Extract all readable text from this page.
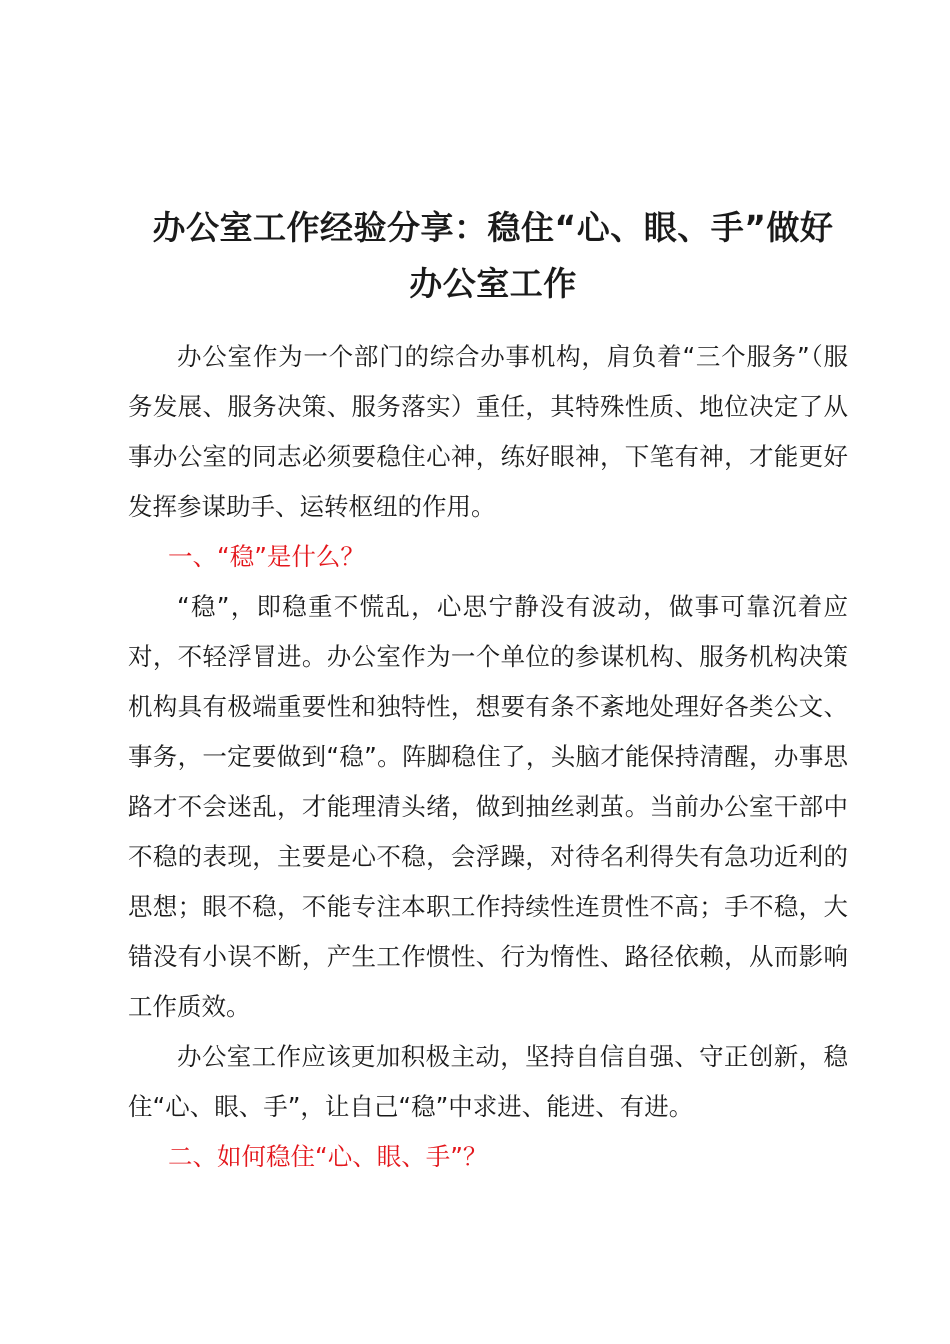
办公室工作经验分享：稳住“心、眼、手”做好
办公室工作

办公室作为一个部门的综合办事机构，肩负着“三个服务”（服务发展、服务决策、服务落实）重任，其特殊性质、地位决定了从事办公室的同志必须要稳住心神，练好眼神，下笔有神，才能更好发挥参谋助手、运转枢纽的作用。

一、“稳”是什么？

“稳”，即稳重不慌乱，心思宁静没有波动，做事可靠沉着应对，不轻浮冒进。办公室作为一个单位的参谋机构、服务机构决策机构具有极端重要性和独特性，想要有条不紊地处理好各类公文、事务，一定要做到“稳”。阵脚稳住了，头脑才能保持清醒，办事思路才不会迷乱，才能理清头绪，做到抽丝剥茧。当前办公室干部中不稳的表现，主要是心不稳，会浮躁，对待名利得失有急功近利的思想；眼不稳，不能专注本职工作持续性连贯性不高；手不稳，大错没有小误不断，产生工作惯性、行为惰性、路径依赖，从而影响工作质效。

办公室工作应该更加积极主动，坚持自信自强、守正创新，稳住“心、眼、手”，让自己“稳”中求进、能进、有进。

二、如何稳住“心、眼、手”？
